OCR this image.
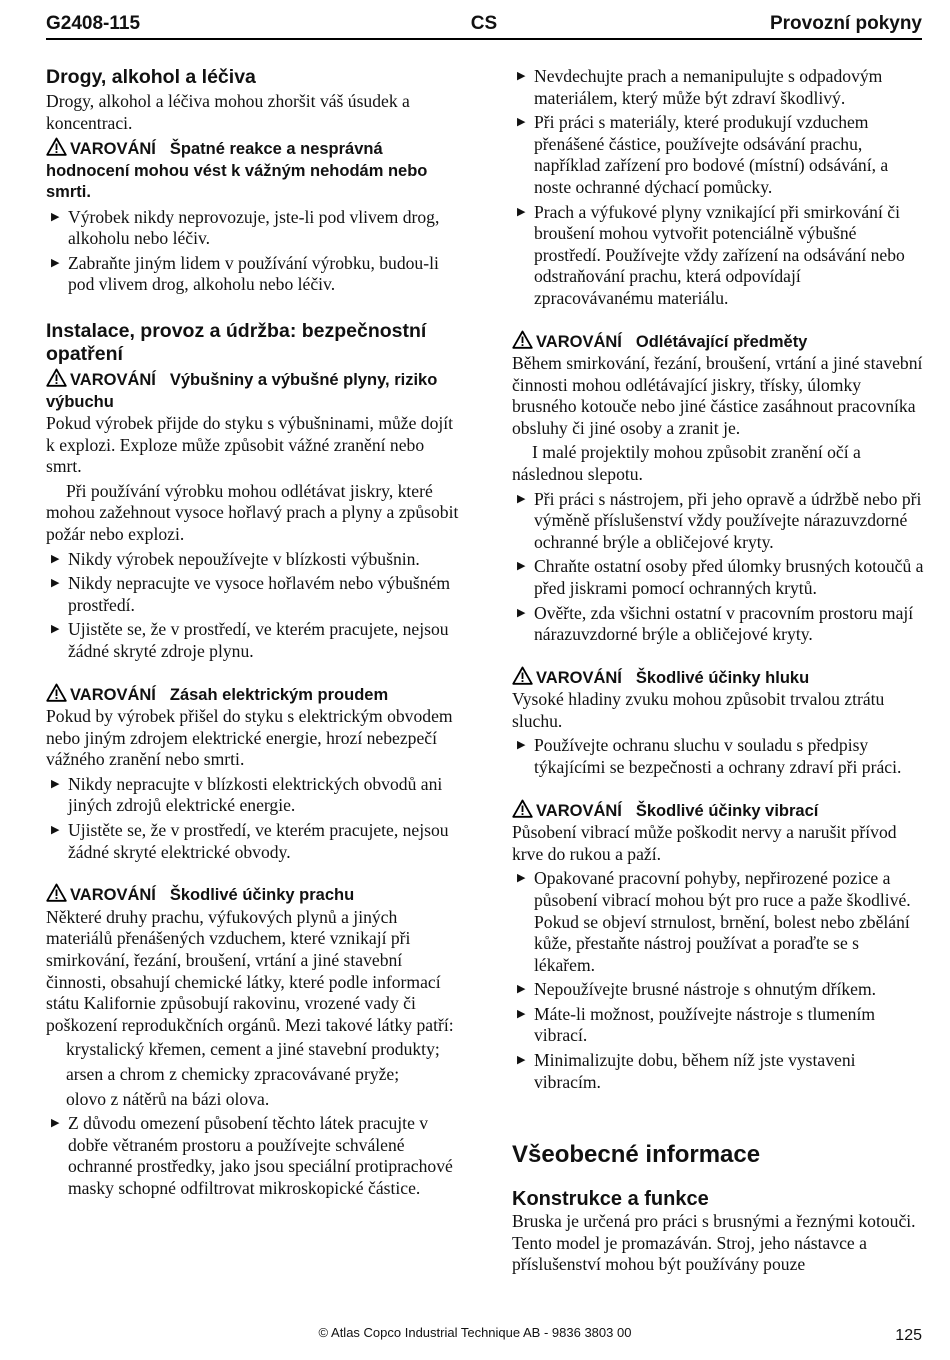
G2408-115	CS	Provozní pokyny
Drogy, alkohol a léčiva

Drogy, alkohol a léčiva mohou zhoršit váš úsudek a koncentraci.

VAROVÁNÍ Špatné reakce a nesprávná hodnocení mohou vést k vážným nehodám nebo smrti.
▶ Výrobek nikdy neprovozuje, jste-li pod vlivem drog, alkoholu nebo léčiv.
▶ Zabraňte jiným lidem v používání výrobku, budou-li pod vlivem drog, alkoholu nebo léčiv.
Instalace, provoz a údržba: bezpečnostní opatření
VAROVÁNÍ Výbušniny a výbušné plyny, riziko výbuchu

Pokud výrobek přijde do styku s výbušninami, může dojít k explozi. Exploze může způsobit vážné zranění nebo smrt.

Při používání výrobku mohou odlétávat jiskry, které mohou zažehnout vysoce hořlavý prach a plyny a způsobit požár nebo explozi.

▶ Nikdy výrobek nepoužívejte v blízkosti výbušnin.
▶ Nikdy nepracujte ve vysoce hořlavém nebo výbušném prostředí.
▶ Ujistěte se, že v prostředí, ve kterém pracujete, nejsou žádné skryté zdroje plynu.
VAROVÁNÍ Zásah elektrickým proudem

Pokud by výrobek přišel do styku s elektrickým obvodem nebo jiným zdrojem elektrické energie, hrozí nebezpečí vážného zranění nebo smrti.

▶ Nikdy nepracujte v blízkosti elektrických obvodů ani jiných zdrojů elektrické energie.
▶ Ujistěte se, že v prostředí, ve kterém pracujete, nejsou žádné skryté elektrické obvody.
VAROVÁNÍ Škodlivé účinky prachu

Některé druhy prachu, výfukových plynů a jiných materiálů přenášených vzduchem, které vznikají při smirkování, řezání, broušení, vrtání a jiné stavební činnosti, obsahují chemické látky, které podle informací státu Kalifornie způsobují rakovinu, vrozené vady či poškození reprodukčních orgánů. Mezi takové látky patří:

krystalický křemen, cement a jiné stavební produkty;

arsen a chrom z chemicky zpracovávané pryže;

olovo z nátěrů na bázi olova.

▶ Z důvodu omezení působení těchto látek pracujte v dobře větraném prostoru a používejte schválené ochranné prostředky, jako jsou speciální protiprachové masky schopné odfiltrovat mikroskopické částice.
▶ Nevdechujte prach a nemanipulujte s odpadovým materiálem, který může být zdraví škodlivý.
▶ Při práci s materiály, které produkují vzduchem přenášené částice, používejte odsávání prachu, například zařízení pro bodové (místní) odsávání, a noste ochranné dýchací pomůcky.
▶ Prach a výfukové plyny vznikající při smirkování či broušení mohou vytvořit potenciálně výbušné prostředí. Používejte vždy zařízení na odsávání nebo odstraňování prachu, která odpovídají zpracovávanému materiálu.
VAROVÁNÍ Odlétávající předměty

Během smirkování, řezání, broušení, vrtání a jiné stavební činnosti mohou odlétávající jiskry, třísky, úlomky brusného kotouče nebo jiné částice zasáhnout pracovníka obsluhy či jiné osoby a zranit je.

I malé projektily mohou způsobit zranění očí a následnou slepotu.

▶ Při práci s nástrojem, při jeho opravě a údržbě nebo při výměně příslušenství vždy používejte nárazuvzdorné ochranné brýle a obličejové kryty.
▶ Chraňte ostatní osoby před úlomky brusných kotoučů a před jiskrami pomocí ochranných krytů.
▶ Ověřte, zda všichni ostatní v pracovním prostoru mají nárazuvzdorné brýle a obličejové kryty.
VAROVÁNÍ Škodlivé účinky hluku

Vysoké hladiny zvuku mohou způsobit trvalou ztrátu sluchu.

▶ Používejte ochranu sluchu v souladu s předpisy týkajícími se bezpečnosti a ochrany zdraví při práci.
VAROVÁNÍ Škodlivé účinky vibrací

Působení vibrací může poškodit nervy a narušit přívod krve do rukou a paží.

▶ Opakované pracovní pohyby, nepřirozené pozice a působení vibrací mohou být pro ruce a paže škodlivé. Pokud se objeví strnulost, brnění, bolest nebo zbělání kůže, přestaňte nástroj používat a poraďte se s lékařem.
▶ Nepoužívejte brusné nástroje s ohnutým dříkem.
▶ Máte-li možnost, používejte nástroje s tlumením vibrací.
▶ Minimalizujte dobu, během níž jste vystaveni vibracím.
Všeobecné informace
Konstrukce a funkce

Bruska je určená pro práci s brusnými a řeznými kotouči. Tento model je promazáván. Stroj, jeho nástavce a příslušenství mohou být používány pouze

© Atlas Copco Industrial Technique AB - 9836 3803 00	125
